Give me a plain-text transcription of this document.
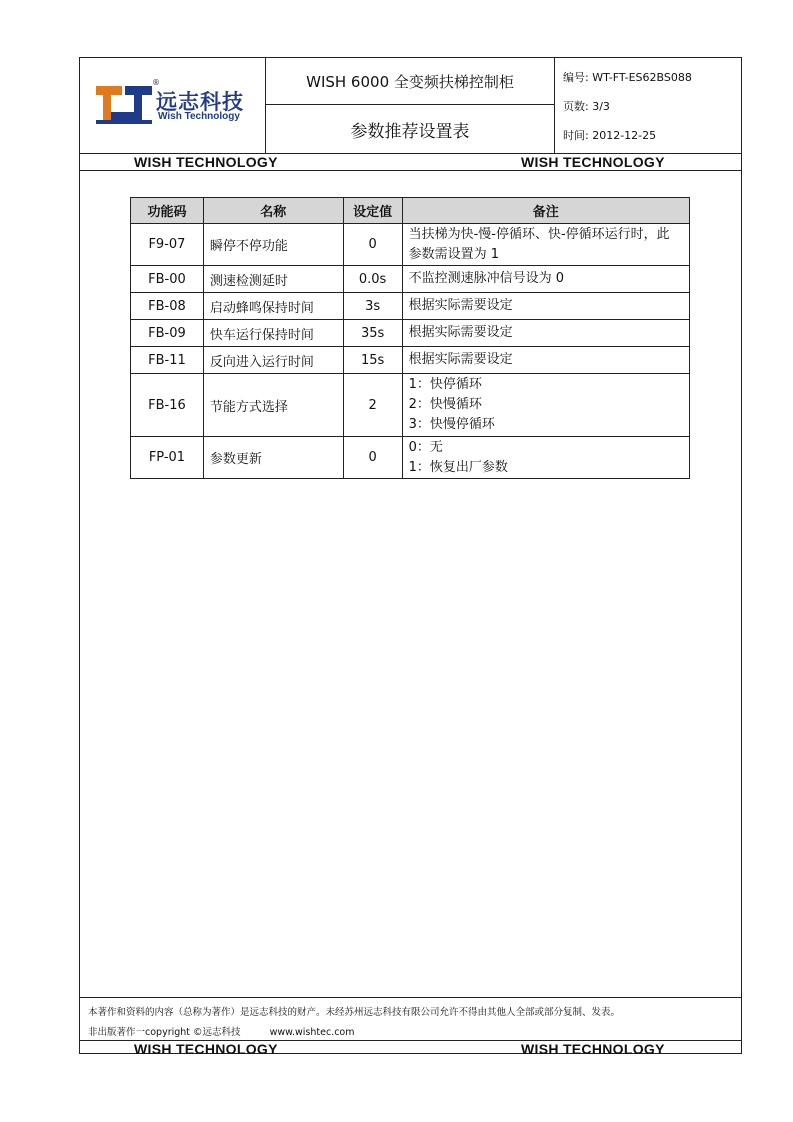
®
远志科技
Wish Technology
WISH 6000 全变频扶梯控制柜
参数推荐设置表
编号: WT-FT-ES62BS088
页数: 3/3
时间: 2012-12-25
WISH TECHNOLOGY	WISH TECHNOLOGY
本著作和资料的内容（总称为著作）是远志科技的财产。未经苏州远志科技有限公司允许不得由其他人全部或部分复制、发表。
非出版著作一copyright ©远志科技	www.wishtec.com
WISH TECHNOLOGY	WISH TECHNOLOGY
功能码	名称	设定值	备注
F9-07	瞬停不停功能	0	当扶梯为快-慢-停循环、快-停循环运行时，此
参数需设置为 1

FB-00	测速检测延时	0.0s	不监控测速脉冲信号设为 0
FB-08	启动蜂鸣保持时间	3s	根据实际需要设定
FB-09	快车运行保持时间	35s	根据实际需要设定
FB-11	反向进入运行时间	15s	根据实际需要设定
FB-16	节能方式选择	2	1：快停循环
2：快慢循环
3：快慢停循环

FP-01	参数更新	0	0：无
1：恢复出厂参数
